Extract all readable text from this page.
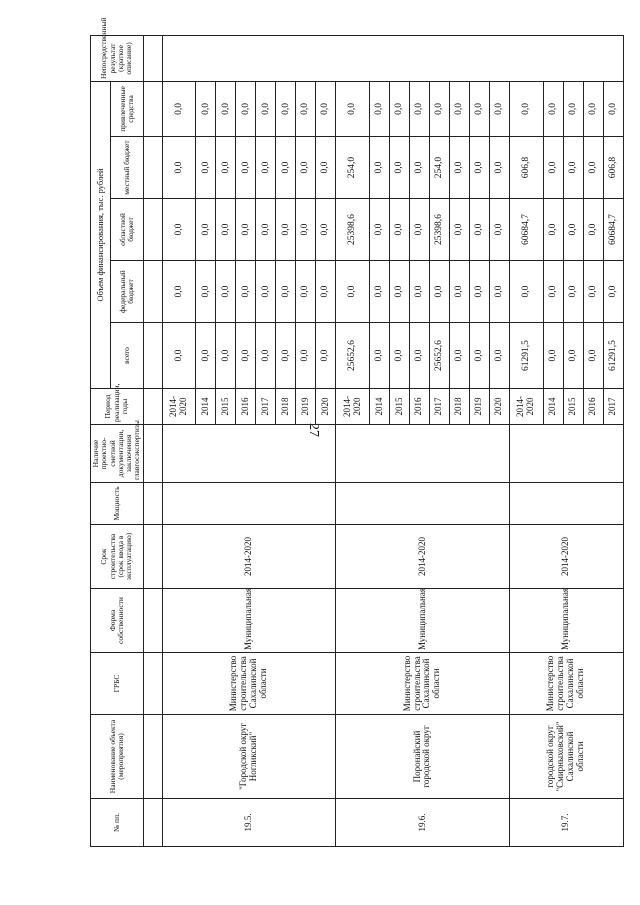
27
№ пп.	Наименование объекта (мероприятия)	ГРБС	Форма собственности	Срок строительства (срок ввода в эксплуатацию)	Мощность	Наличие проектно-сметной документации, заключения главгосэкспертизы	Период реализации, годы	Объем финансирования, тыс. рублей					Непосредственный результат (краткое описание)
								всего	федеральный бюджет	областной бюджет	местный бюджет	привлеченные средства	

19.5.	"Городской округ Ногликский"	Министерство строительства Сахалинской области	Муниципальная	2014-2020			2014-2020	0,0	0,0	0,0	0,0	0,0	
							2014	0,0	0,0	0,0	0,0	0,0	
							2015	0,0	0,0	0,0	0,0	0,0	
							2016	0,0	0,0	0,0	0,0	0,0	
							2017	0,0	0,0	0,0	0,0	0,0	
							2018	0,0	0,0	0,0	0,0	0,0	
							2019	0,0	0,0	0,0	0,0	0,0	
							2020	0,0	0,0	0,0	0,0	0,0	
19.6.	Поронайский городской округ	Министерство строительства Сахалинской области	Муниципальная	2014-2020			2014-2020	25652,6	0,0	25398,6	254,0	0,0	
							2014	0,0	0,0	0,0	0,0	0,0	
							2015	0,0	0,0	0,0	0,0	0,0	
							2016	0,0	0,0	0,0	0,0	0,0	
							2017	25652,6	0,0	25398,6	254,0	0,0	
							2018	0,0	0,0	0,0	0,0	0,0	
							2019	0,0	0,0	0,0	0,0	0,0	
							2020	0,0	0,0	0,0	0,0	0,0	
19.7.	городской округ "Смирныховский" Сахалинской области	Министерство строительства Сахалинской области	Муниципальная	2014-2020			2014-2020	61291,5	0,0	60684,7	606,8	0,0	
							2014	0,0	0,0	0,0	0,0	0,0	
							2015	0,0	0,0	0,0	0,0	0,0	
							2016	0,0	0,0	0,0	0,0	0,0	
							2017	61291,5	0,0	60684,7	606,8	0,0	
